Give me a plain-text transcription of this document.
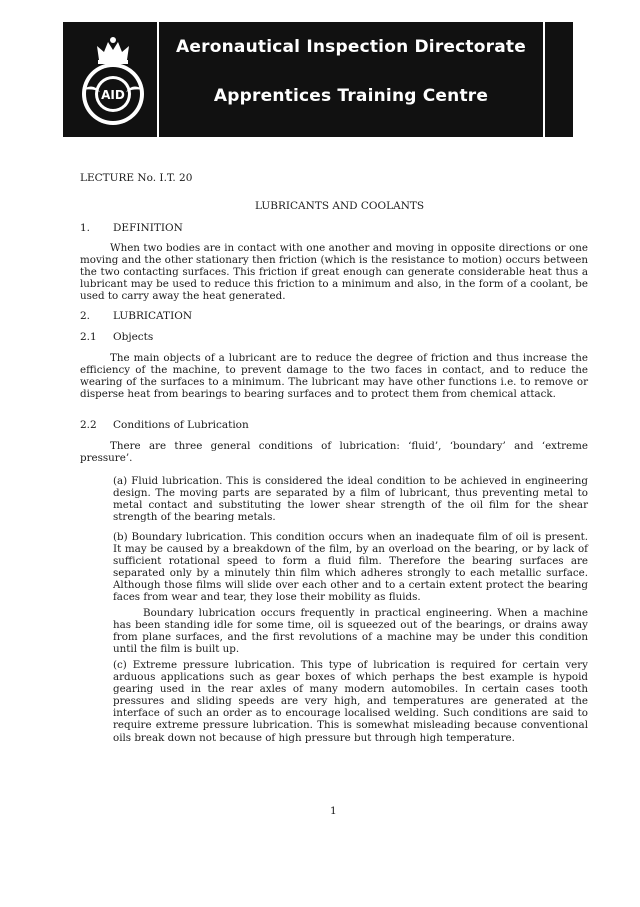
AID
Aeronautical Inspection Directorate
Apprentices Training Centre
LECTURE No. I.T. 20
LUBRICANTS AND COOLANTS
1. DEFINITION

When two bodies are in contact with one another and moving in opposite directions or one moving and the other stationary then friction (which is the resistance to motion) occurs between the two contacting surfaces. This friction if great enough can generate considerable heat thus a lubricant may be used to reduce this friction to a minimum and also, in the form of a coolant, be used to carry away the heat generated.

2. LUBRICATION
2.1 Objects

The main objects of a lubricant are to reduce the degree of friction and thus increase the efficiency of the machine, to prevent damage to the two faces in contact, and to reduce the wearing of the surfaces to a minimum. The lubricant may have other functions i.e. to remove or disperse heat from bearings to bearing surfaces and to protect them from chemical attack.

2.2 Conditions of Lubrication

There are three general conditions of lubrication: ‘fluid’, ‘boundary’ and ‘extreme pressure’.

(a) Fluid lubrication. This is considered the ideal condition to be achieved in engineering design. The moving parts are separated by a film of lubricant, thus preventing metal to metal contact and substituting the lower shear strength of the oil film for the shear strength of the bearing metals.

(b) Boundary lubrication. This condition occurs when an inadequate film of oil is present. It may be caused by a breakdown of the film, by an overload on the bearing, or by lack of sufficient rotational speed to form a fluid film. Therefore the bearing surfaces are separated only by a minutely thin film which adheres strongly to each metallic surface. Although those films will slide over each other and to a certain extent protect the bearing faces from wear and tear, they lose their mobility as fluids.

Boundary lubrication occurs frequently in practical engineering. When a machine has been standing idle for some time, oil is squeezed out of the bearings, or drains away from plane surfaces, and the first revolutions of a machine may be under this condition until the film is built up.

(c) Extreme pressure lubrication. This type of lubrication is required for certain very arduous applications such as gear boxes of which perhaps the best example is hypoid gearing used in the rear axles of many modern automobiles. In certain cases tooth pressures and sliding speeds are very high, and temperatures are generated at the interface of such an order as to encourage localised welding. Such conditions are said to require extreme pressure lubrication. This is somewhat misleading because conventional oils break down not because of high pressure but through high temperature.

1
